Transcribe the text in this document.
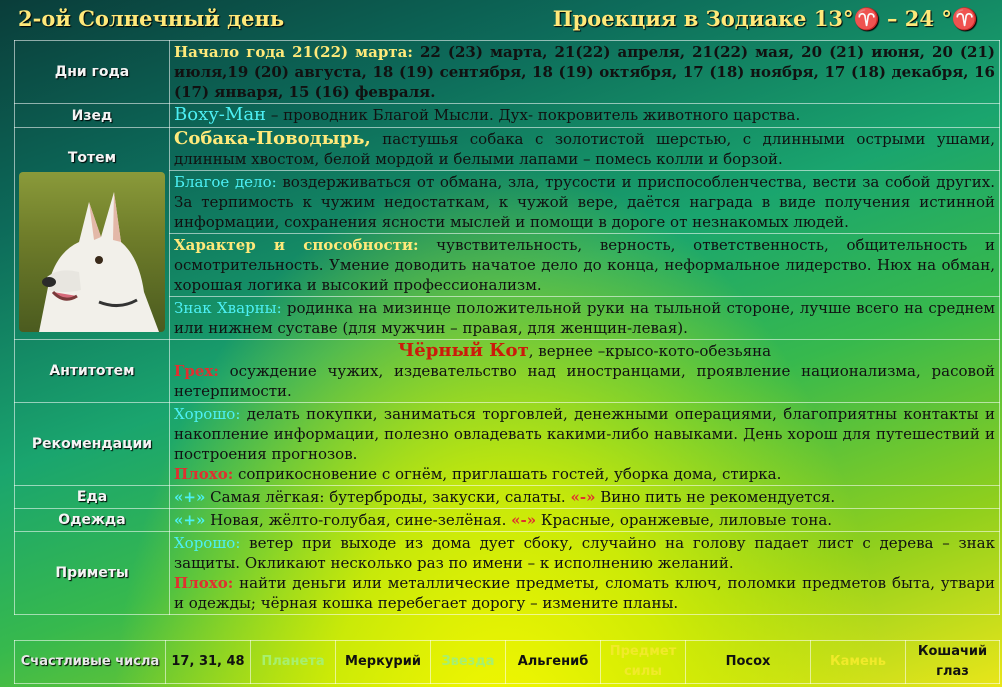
2-ой Солнечный день	Проекция в Зодиаке 13°♈ – 24 °♈
Дни года	Начало года 21(22) марта: 22 (23) марта, 21(22) апреля, 21(22) мая, 20 (21) июня, 20 (21) июля,19 (20) августа, 18 (19) сентября, 18 (19) октября, 17 (18) ноября, 17 (18) декабря, 16 (17) января, 15 (16) февраля.
Изед	Воху-Ман – проводник Благой Мысли. Дух- покровитель животного царства.

Тотем	Собака-Поводырь, пастушья собака с золотистой шерстью, с длинными острыми ушами, длинным хвостом, белой мордой и белыми лапами – помесь колли и борзой.
	Благое дело: воздерживаться от обмана, зла, трусости и приспособленчества, вести за собой других. За терпимость к чужим недостаткам, к чужой вере, даётся награда в виде получения истинной информации, сохранения ясности мыслей и помощи в дороге от незнакомых людей.
	Характер и способности: чувствительность, верность, ответственность, общительность и осмотрительность. Умение доводить начатое дело до конца, неформальное лидерство. Нюх на обман, хорошая логика и высокий профессионализм.
	Знак Хварны: родинка на мизинце положительной руки на тыльной стороне, лучше всего на среднем или нижнем суставе (для мужчин – правая, для женщин-левая).
Антитотем	Чёрный Кот, вернее –крысо-кото-обезьяна
Грех: осуждение чужих, издевательство над иностранцами, проявление национализма, расовой нетерпимости.
Рекомендации	Хорошо: делать покупки, заниматься торговлей, денежными операциями, благоприятны контакты и накопление информации, полезно овладевать какими-либо навыками. День хорош для путешествий и построения прогнозов.
Плохо: соприкосновение с огнём, приглашать гостей, уборка дома, стирка.
Еда	«+» Самая лёгкая: бутерброды, закуски, салаты. «-» Вино пить не рекомендуется.
Одежда	«+» Новая, жёлто-голубая, сине-зелёная. «-» Красные, оранжевые, лиловые тона.
Приметы	Хорошо: ветер при выходе из дома дует сбоку, случайно на голову падает лист с дерева – знак защиты. Окликают несколько раз по имени – к исполнению желаний.
Плохо: найти деньги или металлические предметы, сломать ключ, поломки предметов быта, утвари и одежды; чёрная кошка перебегает дорогу – измените планы.
Счастливые числа	17, 31, 48	Планета	Меркурий	Звезда	Альгениб	Предмет силы	Посох	Камень	Кошачий глаз
